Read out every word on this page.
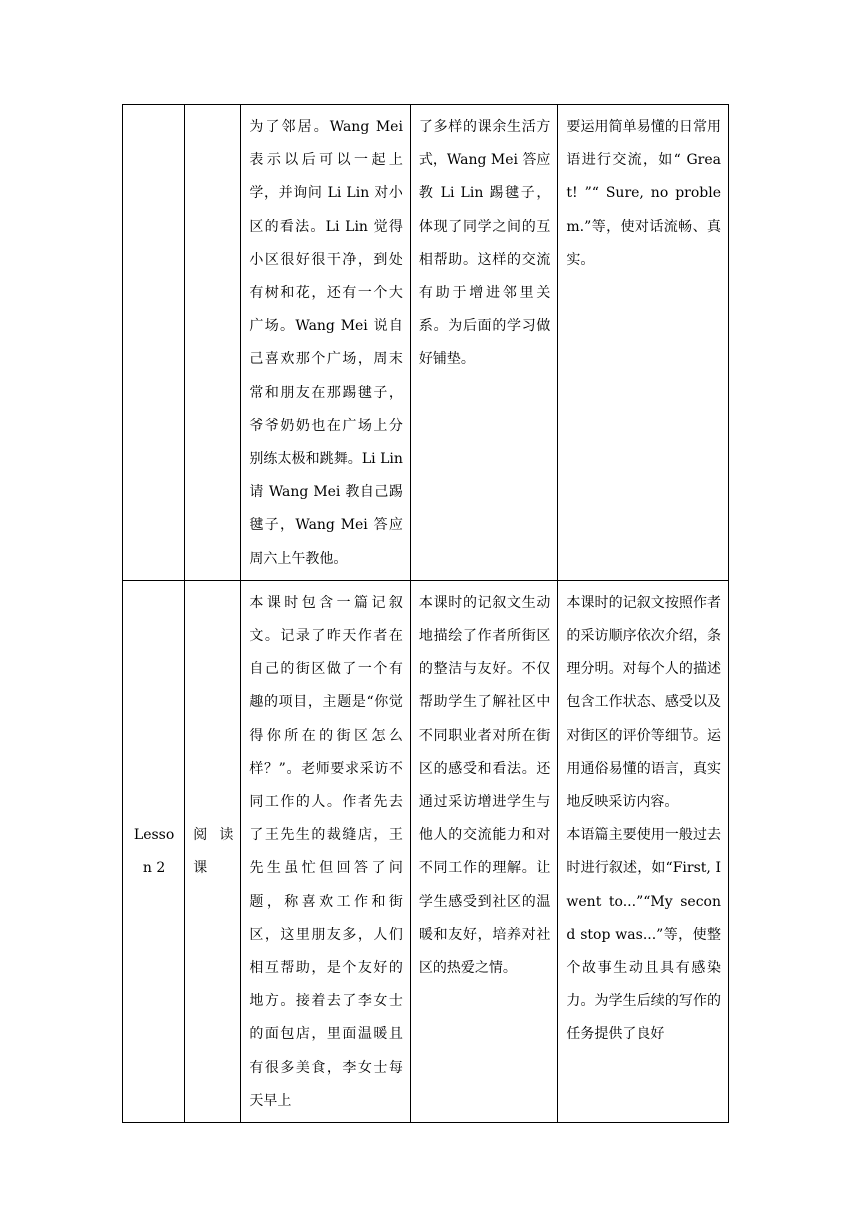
		为了邻居。Wang Mei 表示以后可以一起上学，并询问 Li Lin 对小区的看法。Li Lin 觉得小区很好很干净，到处有树和花，还有一个大广场。Wang Mei 说自己喜欢那个广场，周末常和朋友在那踢毽子，爷爷奶奶也在广场上分别练太极和跳舞。Li Lin 请 Wang Mei 教自己踢毽子，Wang Mei 答应周六上午教他。	了多样的课余生活方式，Wang Mei 答应教 Li Lin 踢毽子，体现了同学之间的互相帮助。这样的交流有助于增进邻里关系。为后面的学习做好铺垫。	要运用简单易懂的日常用语进行交流，如“ Great! ”“ Sure, no problem.”等，使对话流畅、真实。
Lesson 2	阅读课	本课时包含一篇记叙文。记录了昨天作者在自己的街区做了一个有趣的项目，主题是“你觉得你所在的街区怎么样？”。老师要求采访不同工作的人。作者先去了王先生的裁缝店，王先生虽忙但回答了问题，称喜欢工作和街区，这里朋友多，人们相互帮助，是个友好的地方。接着去了李女士的面包店，里面温暖且有很多美食，李女士每天早上	本课时的记叙文生动地描绘了作者所街区的整洁与友好。不仅帮助学生了解社区中不同职业者对所在街区的感受和看法。还通过采访增进学生与他人的交流能力和对不同工作的理解。让学生感受到社区的温暖和友好，培养对社区的热爱之情。	本课时的记叙文按照作者的采访顺序依次介绍，条理分明。对每个人的描述包含工作状态、感受以及对街区的评价等细节。运用通俗易懂的语言，真实地反映采访内容。
本语篇主要使用一般过去时进行叙述，如“First, I went to...”“My second stop was...”等，使整个故事生动且具有感染力。为学生后续的写作的任务提供了良好
